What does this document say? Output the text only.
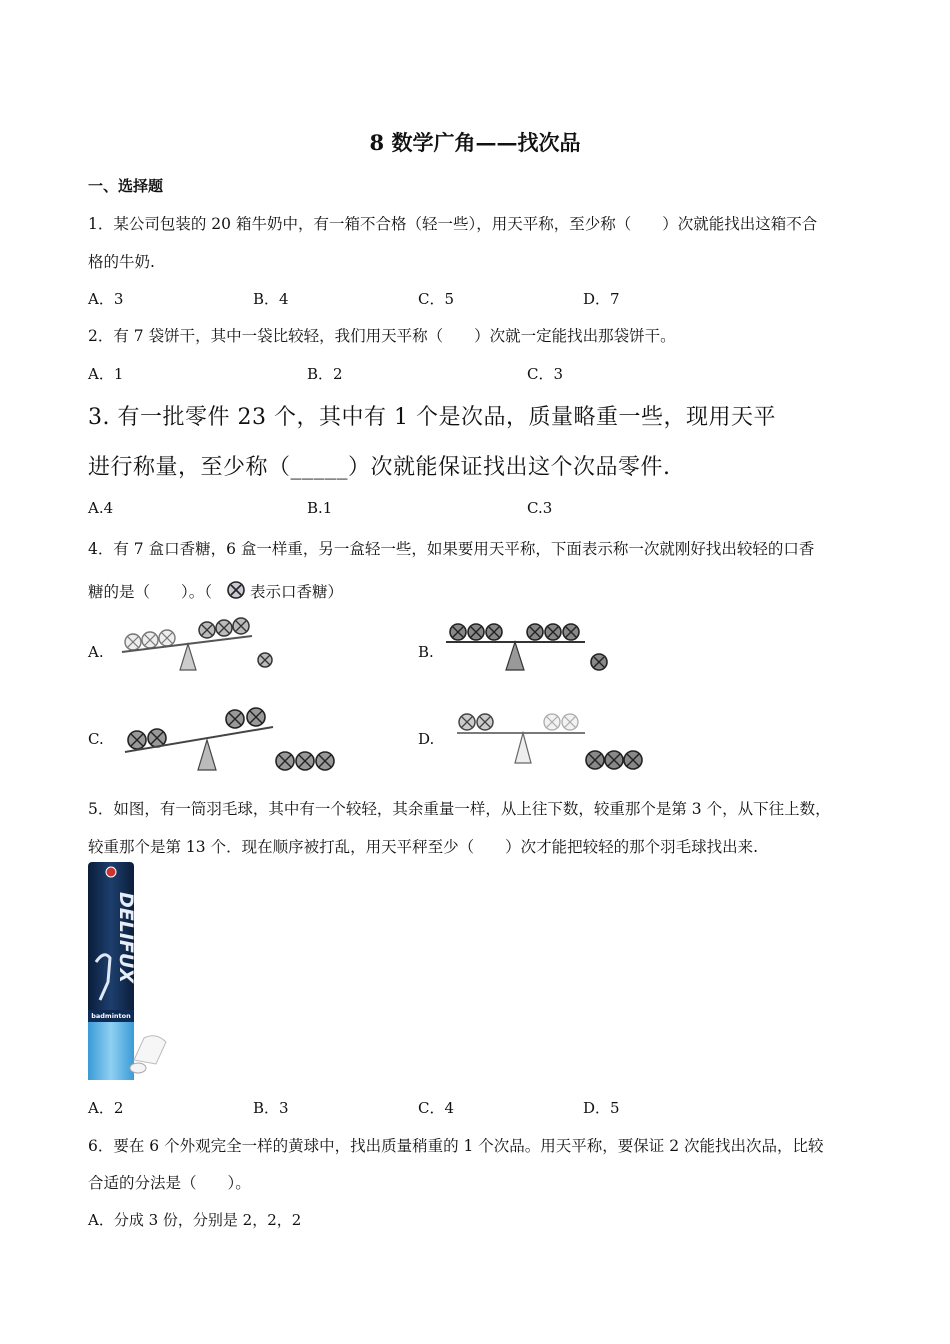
8 数学广角——找次品
一、选择题
1．某公司包装的 20 箱牛奶中，有一箱不合格（轻一些），用天平称，至少称（　　）次就能找出这箱不合
格的牛奶.
A．3	B．4	C．5	D．7
2．有 7 袋饼干，其中一袋比较轻，我们用天平称（　　）次就一定能找出那袋饼干。
A．1	B．2	C．3
3. 有一批零件 23 个，其中有 1 个是次品，质量略重一些，现用天平
进行称量，至少称（_____）次就能保证找出这个次品零件.
A.4	B.1	C.3
4．有 7 盒口香糖，6 盒一样重，另一盒轻一些，如果要用天平称，下面表示称一次就刚好找出较轻的口香
糖的是（　　）。（ 表示口香糖）
A.	B.
C.	D.
5．如图，有一筒羽毛球，其中有一个较轻，其余重量一样，从上往下数，较重那个是第 3 个，从下往上数，
较重那个是第 13 个．现在顺序被打乱，用天平秤至少（　　）次才能把较轻的那个羽毛球找出来.
DELIFUX
badminton
A．2	B．3	C．4	D．5
6．要在 6 个外观完全一样的黄球中，找出质量稍重的 1 个次品。用天平称，要保证 2 次能找出次品，比较
合适的分法是（　　）。
A．分成 3 份，分别是 2，2，2
